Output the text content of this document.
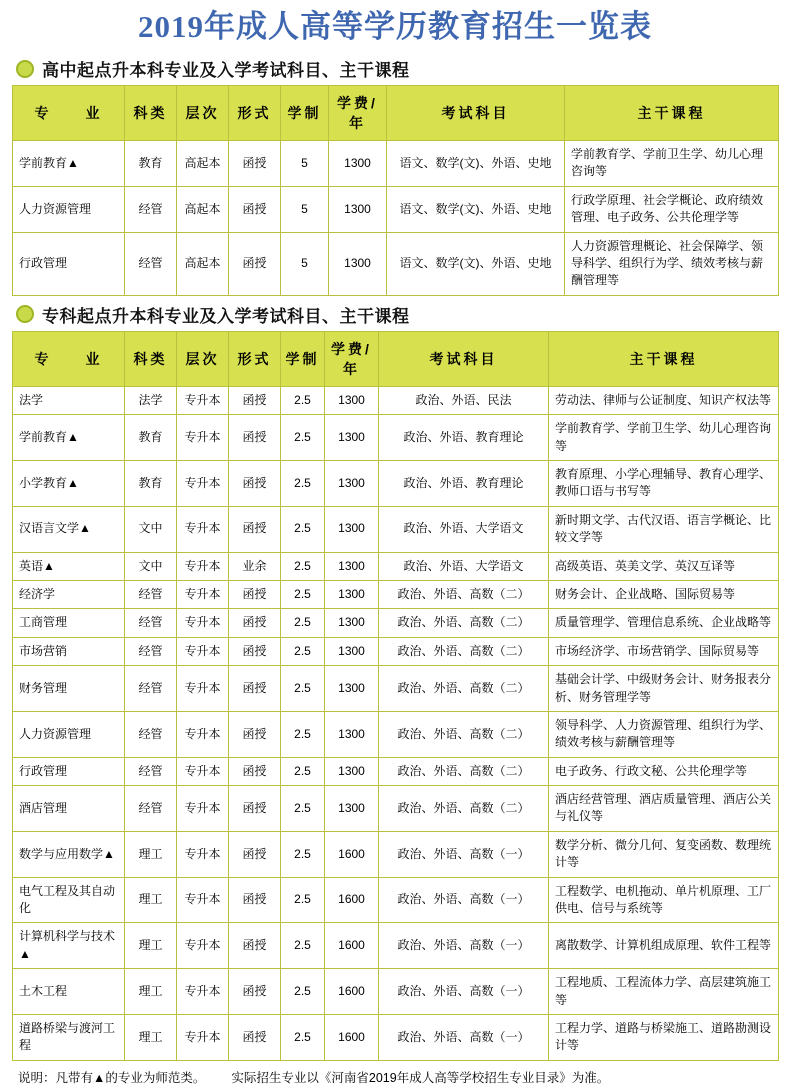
2019年成人高等学历教育招生一览表
高中起点升本科专业及入学考试科目、主干课程
专　　业	科类	层次	形式	学制	学费/年	考试科目	主干课程
学前教育▲	教育	高起本	函授	5	1300	语文、数学(文)、外语、史地	学前教育学、学前卫生学、幼儿心理咨询等
人力资源管理	经管	高起本	函授	5	1300	语文、数学(文)、外语、史地	行政学原理、社会学概论、政府绩效管理、电子政务、公共伦理学等
行政管理	经管	高起本	函授	5	1300	语文、数学(文)、外语、史地	人力资源管理概论、社会保障学、领导科学、组织行为学、绩效考核与薪酬管理等
专科起点升本科专业及入学考试科目、主干课程
专　　业	科类	层次	形式	学制	学费/年	考试科目	主干课程
法学	法学	专升本	函授	2.5	1300	政治、外语、民法	劳动法、律师与公证制度、知识产权法等
学前教育▲	教育	专升本	函授	2.5	1300	政治、外语、教育理论	学前教育学、学前卫生学、幼儿心理咨询等
小学教育▲	教育	专升本	函授	2.5	1300	政治、外语、教育理论	教育原理、小学心理辅导、教育心理学、教师口语与书写等
汉语言文学▲	文中	专升本	函授	2.5	1300	政治、外语、大学语文	新时期文学、古代汉语、语言学概论、比较文学等
英语▲	文中	专升本	业余	2.5	1300	政治、外语、大学语文	高级英语、英美文学、英汉互译等
经济学	经管	专升本	函授	2.5	1300	政治、外语、高数（二）	财务会计、企业战略、国际贸易等
工商管理	经管	专升本	函授	2.5	1300	政治、外语、高数（二）	质量管理学、管理信息系统、企业战略等
市场营销	经管	专升本	函授	2.5	1300	政治、外语、高数（二）	市场经济学、市场营销学、国际贸易等
财务管理	经管	专升本	函授	2.5	1300	政治、外语、高数（二）	基础会计学、中级财务会计、财务报表分析、财务管理学等
人力资源管理	经管	专升本	函授	2.5	1300	政治、外语、高数（二）	领导科学、人力资源管理、组织行为学、绩效考核与薪酬管理等
行政管理	经管	专升本	函授	2.5	1300	政治、外语、高数（二）	电子政务、行政文秘、公共伦理学等
酒店管理	经管	专升本	函授	2.5	1300	政治、外语、高数（二）	酒店经营管理、酒店质量管理、酒店公关与礼仪等
数学与应用数学▲	理工	专升本	函授	2.5	1600	政治、外语、高数（一）	数学分析、微分几何、复变函数、数理统计等
电气工程及其自动化	理工	专升本	函授	2.5	1600	政治、外语、高数（一）	工程数学、电机拖动、单片机原理、工厂供电、信号与系统等
计算机科学与技术▲	理工	专升本	函授	2.5	1600	政治、外语、高数（一）	离散数学、计算机组成原理、软件工程等
土木工程	理工	专升本	函授	2.5	1600	政治、外语、高数（一）	工程地质、工程流体力学、高层建筑施工等
道路桥梁与渡河工程	理工	专升本	函授	2.5	1600	政治、外语、高数（一）	工程力学、道路与桥梁施工、道路勘测设计等
说明：凡带有▲的专业为师范类。 实际招生专业以《河南省2019年成人高等学校招生专业目录》为准。
